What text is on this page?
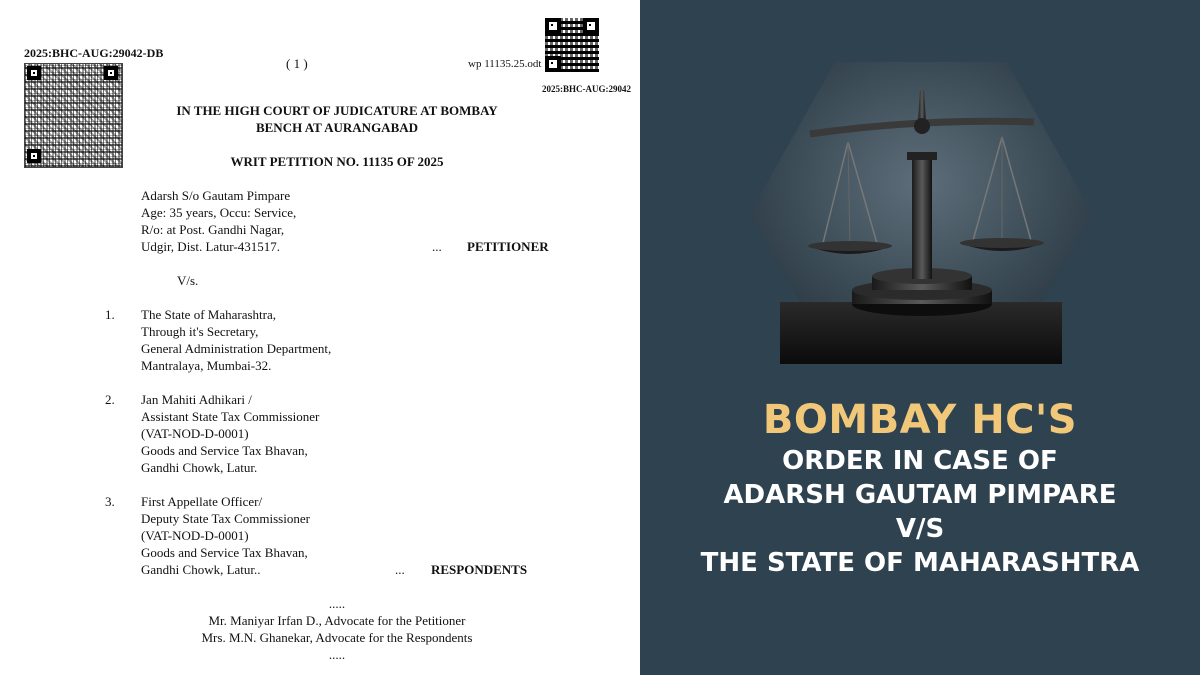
2025:BHC-AUG:29042-DB
( 1 )	wp 11135.25.odt
2025:BHC-AUG:29042
IN THE HIGH COURT OF JUDICATURE AT BOMBAY
BENCH AT AURANGABAD
WRIT PETITION NO. 11135 OF 2025
Adarsh S/o Gautam Pimpare
Age: 35 years, Occu: Service,
R/o: at Post. Gandhi Nagar,
Udgir, Dist. Latur-431517.	... PETITIONER
V/s.
1. The State of Maharashtra,
Through it's Secretary,
General Administration Department,
Mantralaya, Mumbai-32.
2. Jan Mahiti Adhikari /
Assistant State Tax Commissioner
(VAT-NOD-D-0001)
Goods and Service Tax Bhavan,
Gandhi Chowk, Latur.
3. First Appellate Officer/
Deputy State Tax Commissioner
(VAT-NOD-D-0001)
Goods and Service Tax Bhavan,
Gandhi Chowk, Latur..	... RESPONDENTS
.....
Mr. Maniyar Irfan D., Advocate for the Petitioner
Mrs. M.N. Ghanekar, Advocate for the Respondents
.....
BOMBAY HC'S
ORDER IN CASE OF
ADARSH GAUTAM PIMPARE
V/S
THE STATE OF MAHARASHTRA
